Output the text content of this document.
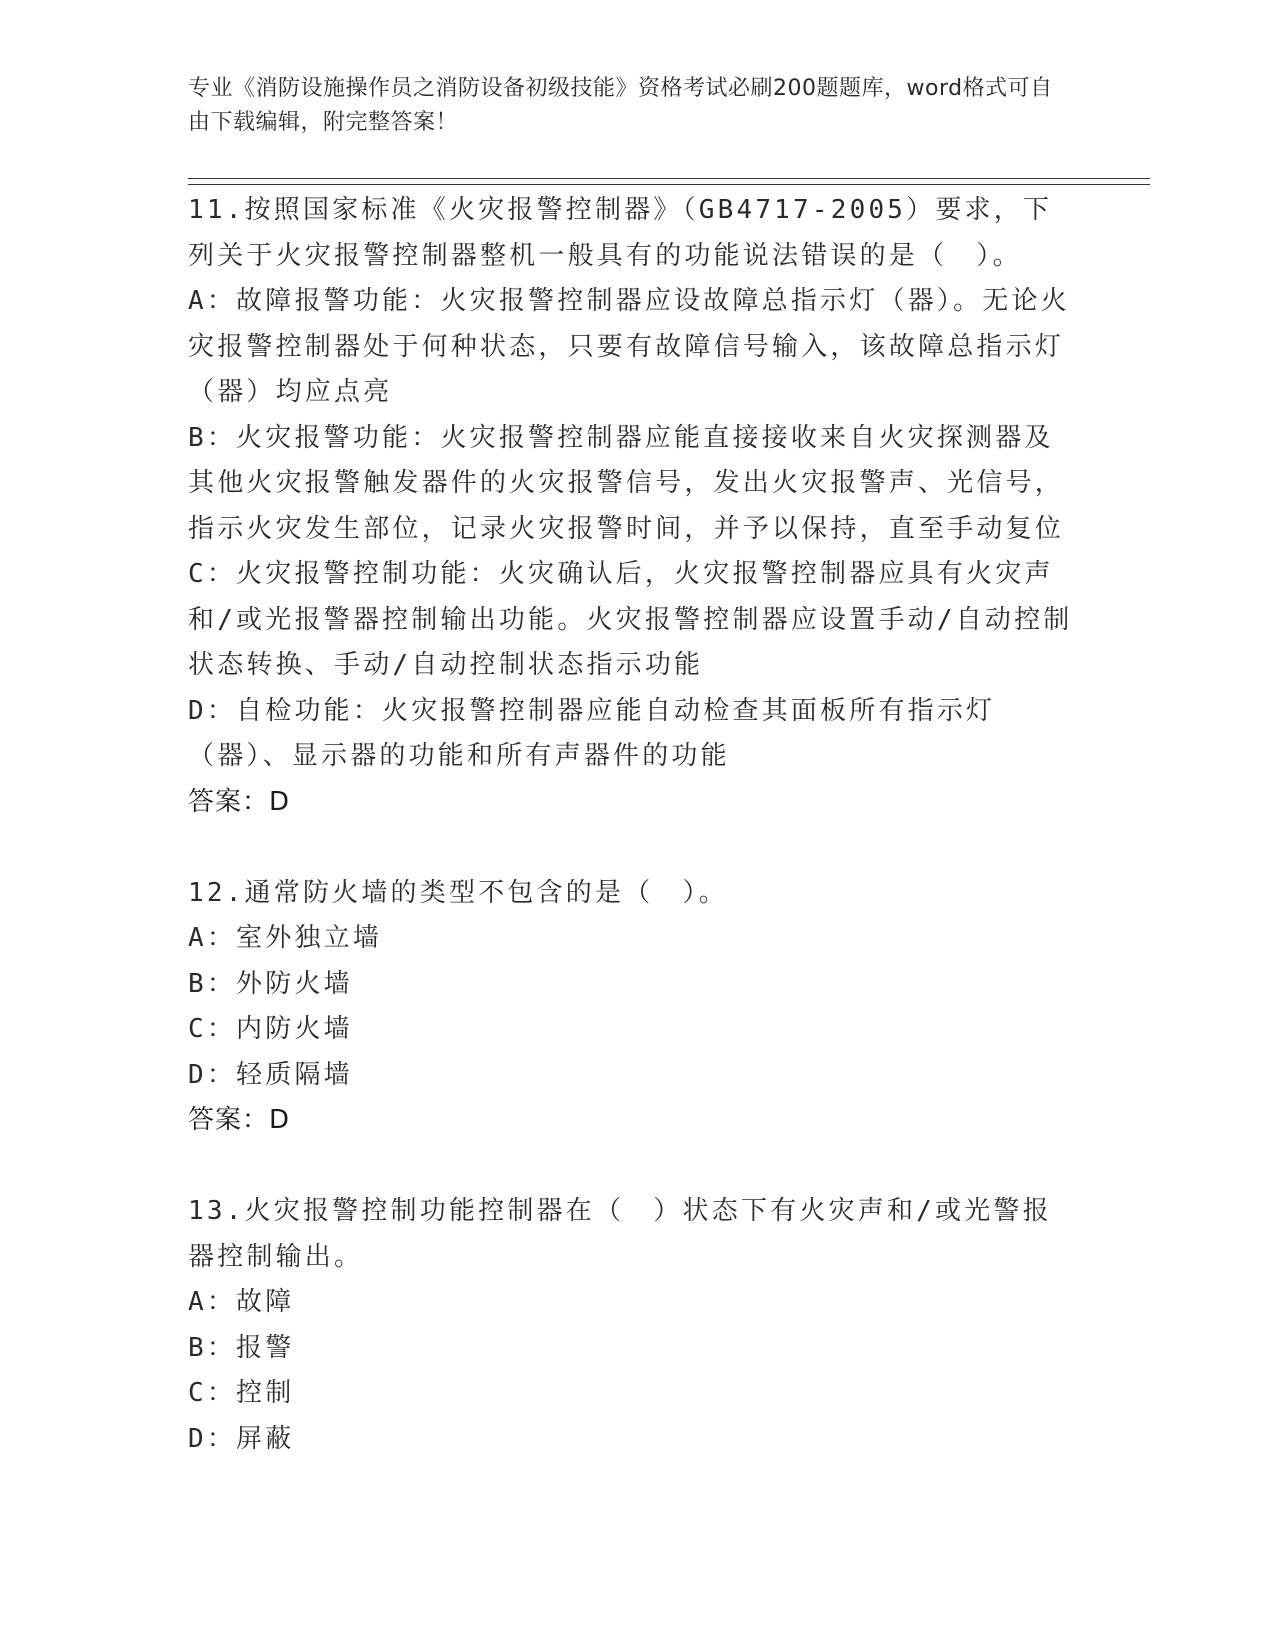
专业《消防设施操作员之消防设备初级技能》资格考试必刷200题题库，word格式可自由下载编辑，附完整答案！

11.按照国家标准《火灾报警控制器》（GB4717-2005）要求，下列关于火灾报警控制器整机一般具有的功能说法错误的是（　）。

A：故障报警功能：火灾报警控制器应设故障总指示灯（器）。无论火灾报警控制器处于何种状态，只要有故障信号输入，该故障总指示灯（器）均应点亮

B：火灾报警功能：火灾报警控制器应能直接接收来自火灾探测器及其他火灾报警触发器件的火灾报警信号，发出火灾报警声、光信号，指示火灾发生部位，记录火灾报警时间，并予以保持，直至手动复位

C：火灾报警控制功能：火灾确认后，火灾报警控制器应具有火灾声和/或光报警器控制输出功能。火灾报警控制器应设置手动/自动控制状态转换、手动/自动控制状态指示功能

D：自检功能：火灾报警控制器应能自动检查其面板所有指示灯（器）、显示器的功能和所有声器件的功能

答案：D

12.通常防火墙的类型不包含的是（　）。

A：室外独立墙

B：外防火墙

C：内防火墙

D：轻质隔墙

答案：D

13.火灾报警控制功能控制器在（　）状态下有火灾声和/或光警报器控制输出。

A：故障

B：报警

C：控制

D：屏蔽
